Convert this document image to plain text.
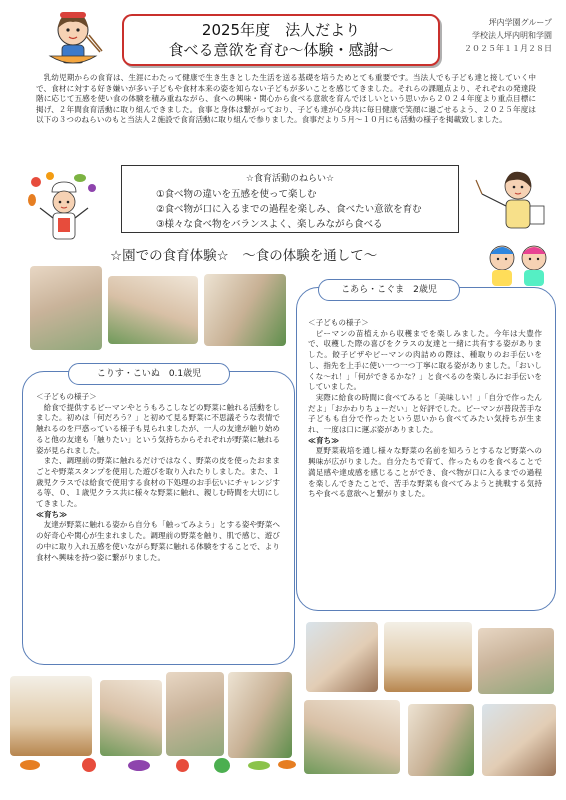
2025年度　法人だより
食べる意欲を育む～体験・感謝～
坪内学園グループ
学校法人坪内明和学園
２０２５年１１月２８日
乳幼児期からの食育は、生涯にわたって健康で生き生きとした生活を送る基礎を培うためとても重要です。当法人でも子ども達と接していく中で、食材に対する好き嫌いが多い子どもや食材本来の姿を知らない子どもが多いことを感じてきました。それらの課題点より、それぞれの発達段階に応じて五感を使い食の体験を積み重ねながら、食への興味・関心から食べる意欲を育んでほしいという思いから２０２４年度より重点目標に掲げ、２年間食育活動に取り組んできました。食事と身体は繋がっており、子ども達が心身共に毎日健康で笑顔に過ごせるよう、２０２５年度は以下の３つのねらいのもと当法人２施設で食育活動に取り組んで参りました。食事だより５月～１０月にも活動の様子を掲載致しました。
☆食育活動のねらい☆
①食べ物の違いを五感を使って楽しむ
②食べ物が口に入るまでの過程を楽しみ、食べたい意欲を育む
③様々な食べ物をバランスよく、楽しみながら食べる
☆園での食育体験☆　～食の体験を通して～
こりす・こいぬ　0.1歳児

＜子どもの様子＞

給食で提供するピーマンやとうもろこしなどの野菜に触れる活動をしました。初めは「何だろう？」と初めて見る野菜に不思議そうな表情で触れるのを戸惑っている様子も見られましたが、一人の友達が触り始めると他の友達も「触りたい」という気持ちからそれぞれが野菜に触れる姿が見られました。

また、調理前の野菜に触れるだけではなく、野菜の皮を使ったおままごとや野菜スタンプを使用した遊びを取り入れたりしました。また、１歳児クラスでは給食で使用する食材の下処理のお手伝いにチャレンジする等、０、１歳児クラス共に様々な野菜に触れ、親しむ時間を大切にしてきました。

≪育ち≫

友達が野菜に触れる姿から自分も「触ってみよう」とする姿や野菜への好奇心や関心が生まれました。調理前の野菜を触り、肌で感じ、遊びの中に取り入れ五感を使いながら野菜に触れる体験をすることで、より食材へ興味を持つ姿に繋がりました。

こあら・こぐま　2歳児

＜子どもの様子＞

ピーマンの苗植えから収穫までを楽しみました。今年は大豊作で、収穫した際の喜びをクラスの友達と一緒に共有する姿がありました。餃子ピザやピーマンの肉詰めの際は、種取りのお手伝いをし、指先を上手に使い一つ一つ丁寧に取る姿がありました。「おいしくな～れ！」「何ができるかな？」と食べるのを楽しみにお手伝いをしていました。

実際に給食の時間に食べてみると「美味しい！」「自分で作ったんだよ」「おかわりちょーだい」と好評でした。ピーマンが普段苦手な子どもも自分で作ったという思いから食べてみたい気持ちが生まれ、一度は口に運ぶ姿がありました。

≪育ち≫

夏野菜栽培を通し様々な野菜の名前を知ろうとするなど野菜への興味が広がりました。自分たちで育て、作ったものを食べることで満足感や達成感を感じることができ、食べ物が口に入るまでの過程を楽しんできたことで、苦手な野菜も食べてみようと挑戦する気持ちや食べる意欲へと繋がりました。
